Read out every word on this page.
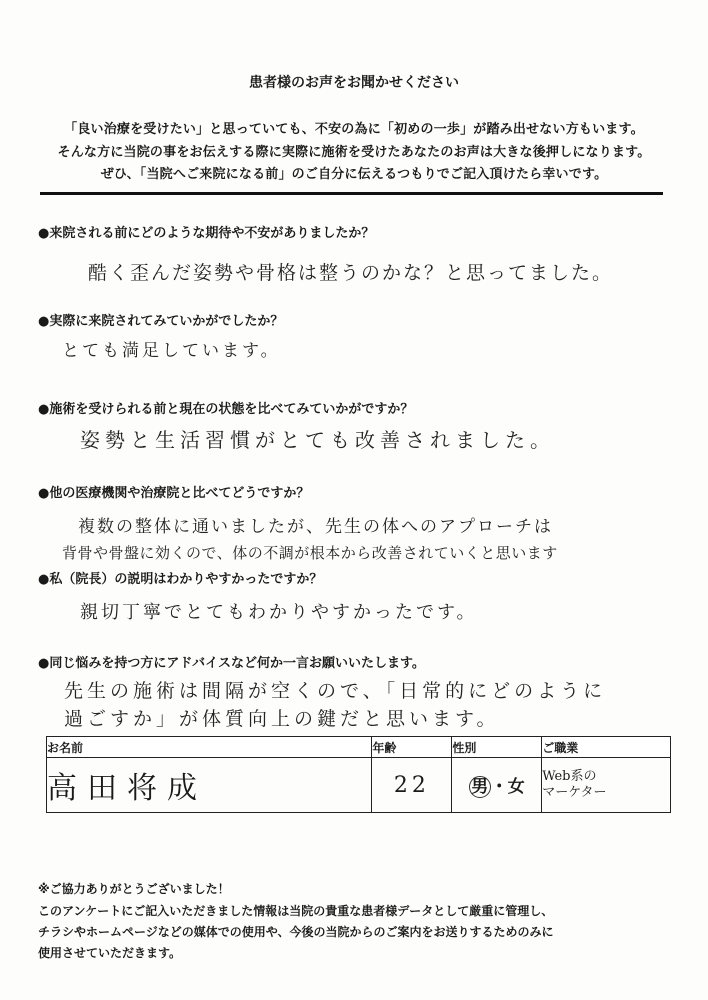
患者様のお声をお聞かせください
「良い治療を受けたい」と思っていても、不安の為に「初めの一歩」が踏み出せない方もいます。
そんな方に当院の事をお伝えする際に実際に施術を受けたあなたのお声は大きな後押しになります。
ぜひ、「当院へご来院になる前」のご自分に伝えるつもりでご記入頂けたら幸いです。
●来院される前にどのような期待や不安がありましたか？
酷く歪んだ姿勢や骨格は整うのかな？と思ってました。
●実際に来院されてみていかがでしたか？
とても満足しています。
●施術を受けられる前と現在の状態を比べてみていかがですか？
姿勢と生活習慣がとても改善されました。
●他の医療機関や治療院と比べてどうですか？
複数の整体に通いましたが、先生の体へのアプローチは
背骨や骨盤に効くので、体の不調が根本から改善されていくと思います
●私（院長）の説明はわかりやすかったですか？
親切丁寧でとてもわかりやすかったです。
●同じ悩みを持つ方にアドバイスなど何か一言お願いいたします。
先生の施術は間隔が空くので、「日常的にどのように
過ごすか」が体質向上の鍵だと思います。
お名前	年齢	性別	ご職業
高田将成	22	男 ・女	Web系の
マーケター
※ご協力ありがとうございました！
このアンケートにご記入いただきました情報は当院の貴重な患者様データとして厳重に管理し、
チラシやホームページなどの媒体での使用や、今後の当院からのご案内をお送りするためのみに
使用させていただきます。
